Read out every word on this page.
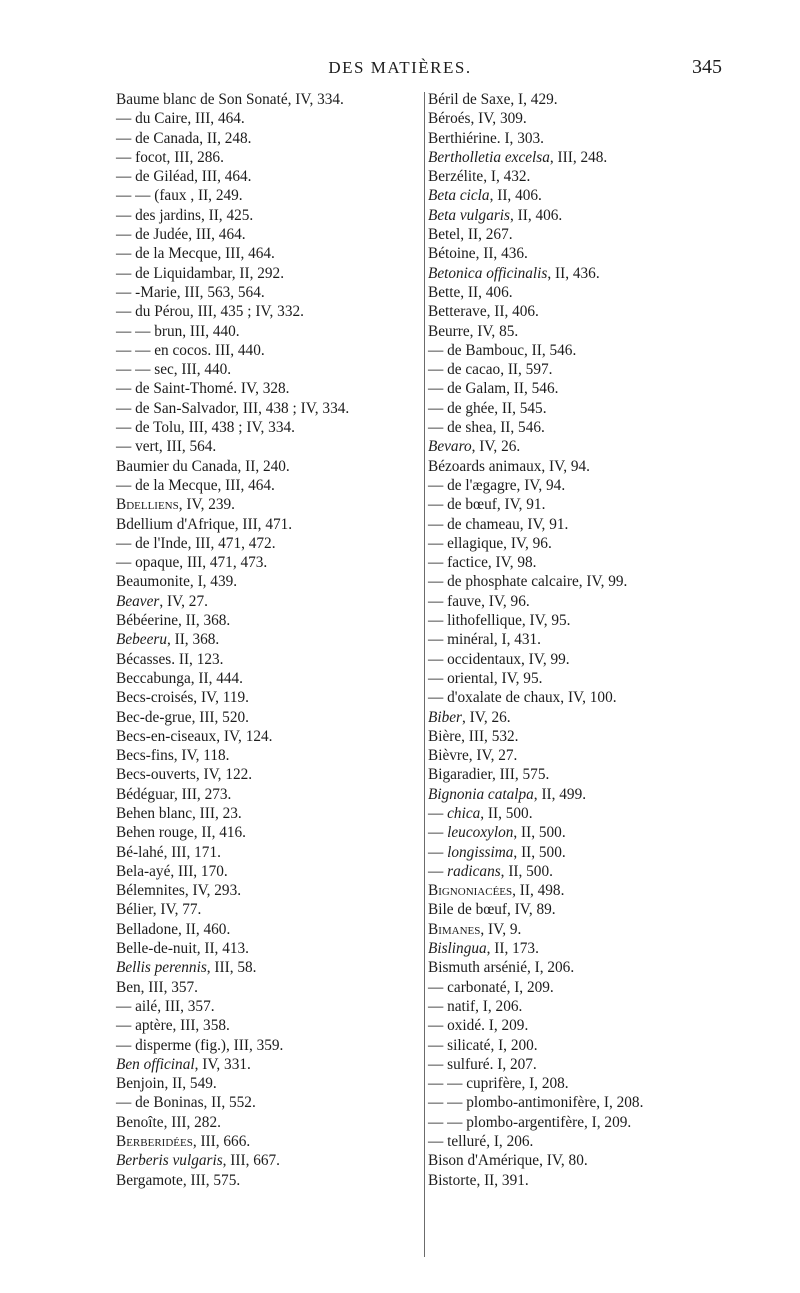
DES MATIÈRES.	345
Baume blanc de Son Sonaté, IV, 334.
— du Caire, III, 464.
— de Canada, II, 248.
— focot, III, 286.
— de Giléad, III, 464.
— — (faux , II, 249.
— des jardins, II, 425.
— de Judée, III, 464.
— de la Mecque, III, 464.
— de Liquidambar, II, 292.
— -Marie, III, 563, 564.
— du Pérou, III, 435 ; IV, 332.
— — brun, III, 440.
— — en cocos. III, 440.
— — sec, III, 440.
— de Saint-Thomé. IV, 328.
— de San-Salvador, III, 438 ; IV, 334.
— de Tolu, III, 438 ; IV, 334.
— vert, III, 564.
Baumier du Canada, II, 240.
— de la Mecque, III, 464.
Bdelliens, IV, 239.
Bdellium d'Afrique, III, 471.
— de l'Inde, III, 471, 472.
— opaque, III, 471, 473.
Beaumonite, I, 439.
Beaver, IV, 27.
Bébéerine, II, 368.
Bebeeru, II, 368.
Bécasses. II, 123.
Beccabunga, II, 444.
Becs-croisés, IV, 119.
Bec-de-grue, III, 520.
Becs-en-ciseaux, IV, 124.
Becs-fins, IV, 118.
Becs-ouverts, IV, 122.
Bédéguar, III, 273.
Behen blanc, III, 23.
Behen rouge, II, 416.
Bé-lahé, III, 171.
Bela-ayé, III, 170.
Bélemnites, IV, 293.
Bélier, IV, 77.
Belladone, II, 460.
Belle-de-nuit, II, 413.
Bellis perennis, III, 58.
Ben, III, 357.
— ailé, III, 357.
— aptère, III, 358.
— disperme (fig.), III, 359.
Ben officinal, IV, 331.
Benjoin, II, 549.
— de Boninas, II, 552.
Benoîte, III, 282.
Berberidées, III, 666.
Berberis vulgaris, III, 667.
Bergamote, III, 575.
Béril de Saxe, I, 429.
Béroés, IV, 309.
Berthiérine. I, 303.
Bertholletia excelsa, III, 248.
Berzélite, I, 432.
Beta cicla, II, 406.
Beta vulgaris, II, 406.
Betel, II, 267.
Bétoine, II, 436.
Betonica officinalis, II, 436.
Bette, II, 406.
Betterave, II, 406.
Beurre, IV, 85.
— de Bambouc, II, 546.
— de cacao, II, 597.
— de Galam, II, 546.
— de ghée, II, 545.
— de shea, II, 546.
Bevaro, IV, 26.
Bézoards animaux, IV, 94.
— de l'ægagre, IV, 94.
— de bœuf, IV, 91.
— de chameau, IV, 91.
— ellagique, IV, 96.
— factice, IV, 98.
— de phosphate calcaire, IV, 99.
— fauve, IV, 96.
— lithofellique, IV, 95.
— minéral, I, 431.
— occidentaux, IV, 99.
— oriental, IV, 95.
— d'oxalate de chaux, IV, 100.
Biber, IV, 26.
Bière, III, 532.
Bièvre, IV, 27.
Bigaradier, III, 575.
Bignonia catalpa, II, 499.
— chica, II, 500.
— leucoxylon, II, 500.
— longissima, II, 500.
— radicans, II, 500.
Bignoniacées, II, 498.
Bile de bœuf, IV, 89.
Bimanes, IV, 9.
Bislingua, II, 173.
Bismuth arsénié, I, 206.
— carbonaté, I, 209.
— natif, I, 206.
— oxidé. I, 209.
— silicaté, I, 200.
— sulfuré. I, 207.
— — cuprifère, I, 208.
— — plombo-antimonifère, I, 208.
— — plombo-argentifère, I, 209.
— telluré, I, 206.
Bison d'Amérique, IV, 80.
Bistorte, II, 391.
